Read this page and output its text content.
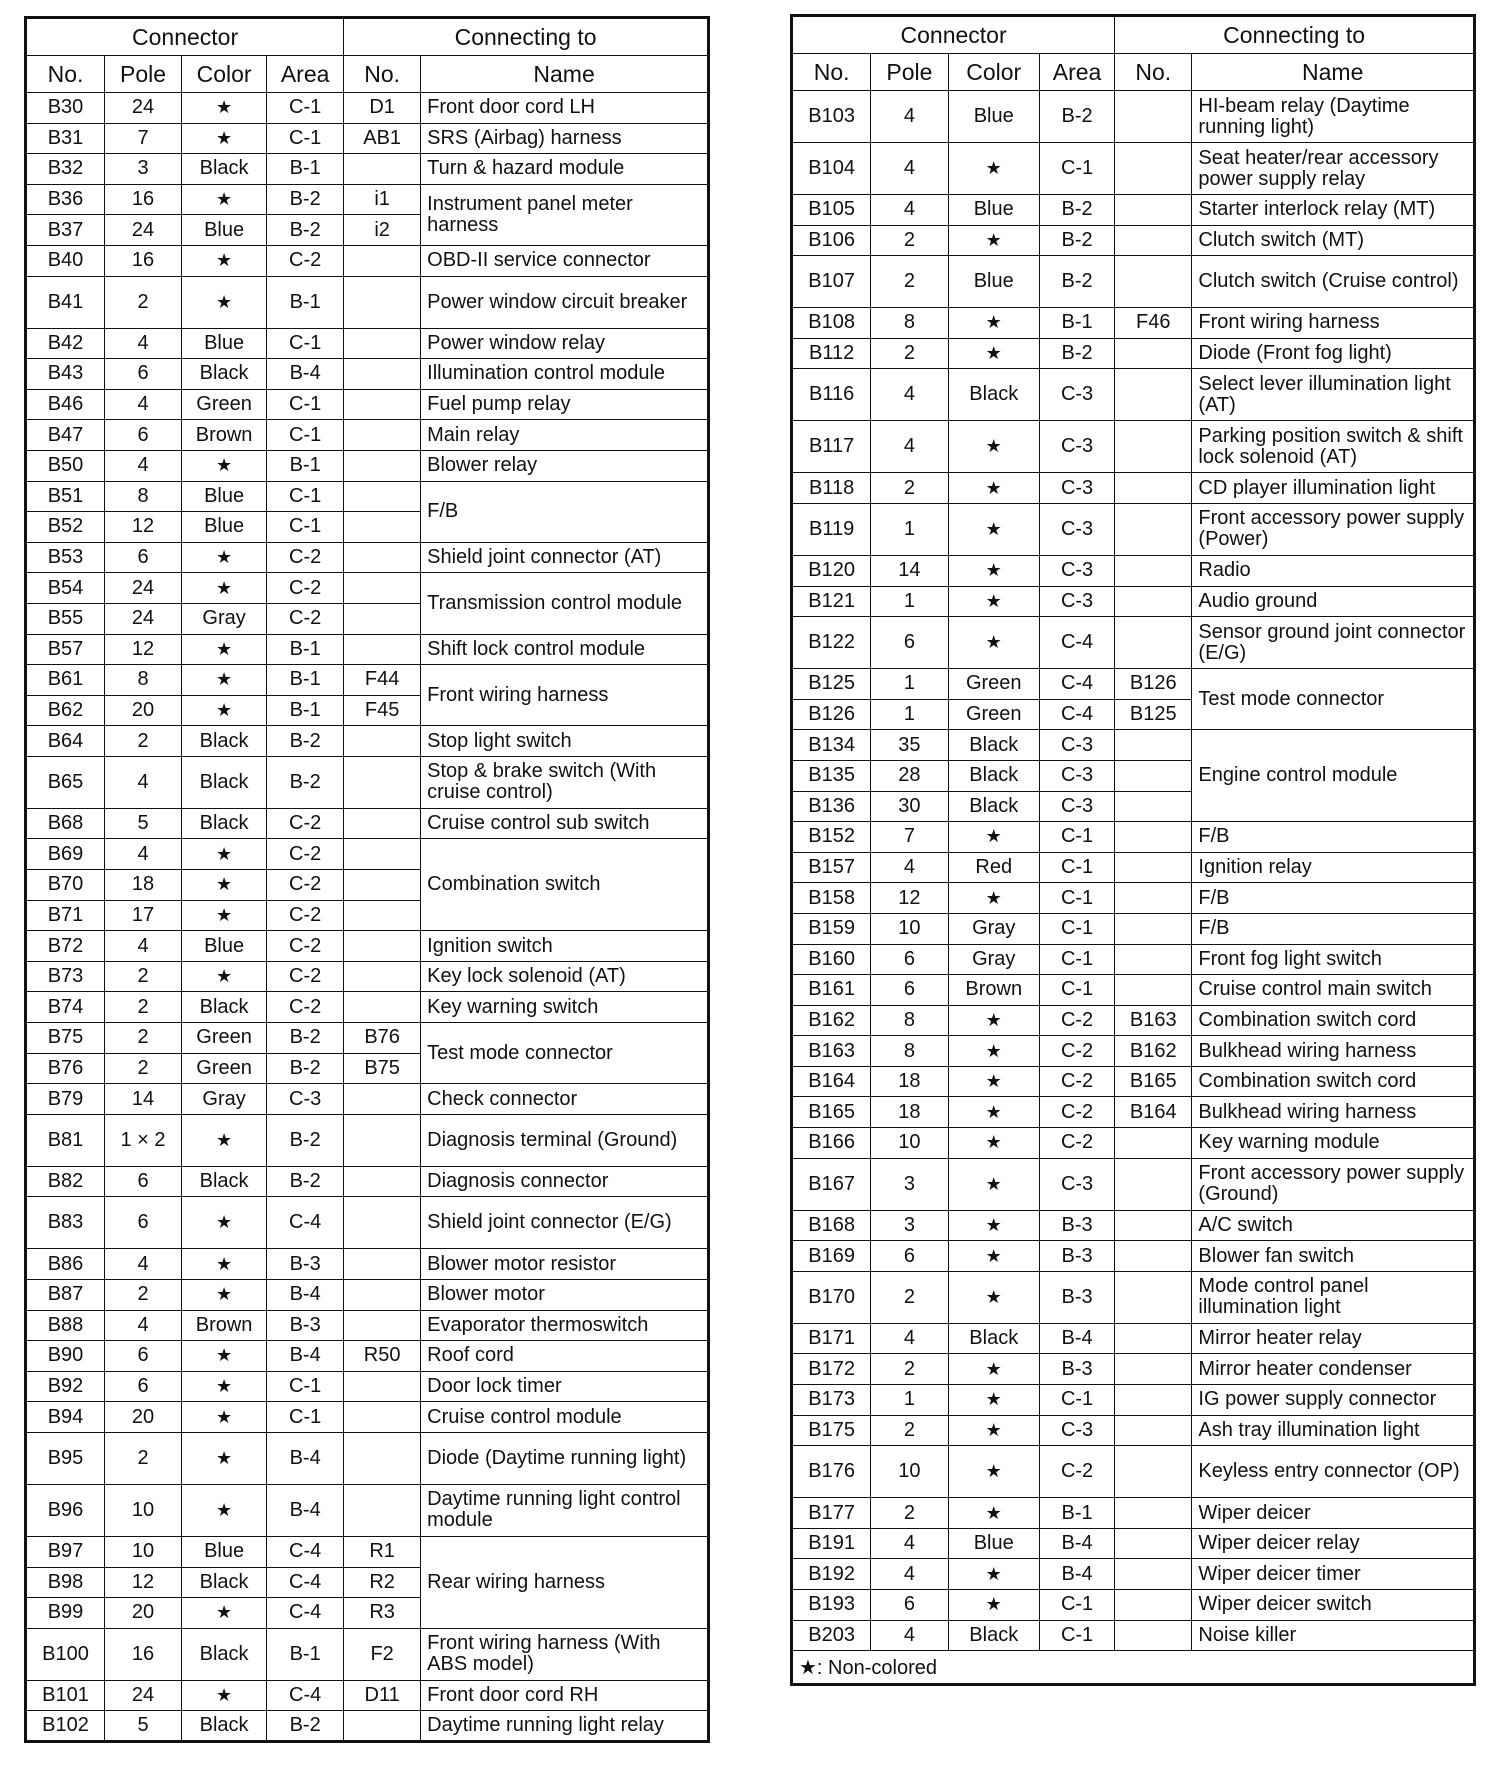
Connector				Connecting to	
No.	Pole	Color	Area	No.	Name
B30	24	★	C-1	D1	Front door cord LH
B31	7	★	C-1	AB1	SRS (Airbag) harness
B32	3	Black	B-1		Turn & hazard module
B36	16	★	B-2	i1	Instrument panel meter harness
B37	24	Blue	B-2	i2	
B40	16	★	C-2		OBD-II service connector
B41	2	★	B-1		Power window circuit breaker
B42	4	Blue	C-1		Power window relay
B43	6	Black	B-4		Illumination control module
B46	4	Green	C-1		Fuel pump relay
B47	6	Brown	C-1		Main relay
B50	4	★	B-1		Blower relay
B51	8	Blue	C-1		F/B
B52	12	Blue	C-1		
B53	6	★	C-2		Shield joint connector (AT)
B54	24	★	C-2		Transmission control module
B55	24	Gray	C-2		
B57	12	★	B-1		Shift lock control module
B61	8	★	B-1	F44	Front wiring harness
B62	20	★	B-1	F45	
B64	2	Black	B-2		Stop light switch
B65	4	Black	B-2		Stop & brake switch (With cruise control)
B68	5	Black	C-2		Cruise control sub switch
B69	4	★	C-2		Combination switch
B70	18	★	C-2		
B71	17	★	C-2		
B72	4	Blue	C-2		Ignition switch
B73	2	★	C-2		Key lock solenoid (AT)
B74	2	Black	C-2		Key warning switch
B75	2	Green	B-2	B76	Test mode connector
B76	2	Green	B-2	B75	
B79	14	Gray	C-3		Check connector
B81	1 × 2	★	B-2		Diagnosis terminal (Ground)
B82	6	Black	B-2		Diagnosis connector
B83	6	★	C-4		Shield joint connector (E/G)
B86	4	★	B-3		Blower motor resistor
B87	2	★	B-4		Blower motor
B88	4	Brown	B-3		Evaporator thermoswitch
B90	6	★	B-4	R50	Roof cord
B92	6	★	C-1		Door lock timer
B94	20	★	C-1		Cruise control module
B95	2	★	B-4		Diode (Daytime running light)
B96	10	★	B-4		Daytime running light control module
B97	10	Blue	C-4	R1	Rear wiring harness
B98	12	Black	C-4	R2	
B99	20	★	C-4	R3	
B100	16	Black	B-1	F2	Front wiring harness (With ABS model)
B101	24	★	C-4	D11	Front door cord RH
B102	5	Black	B-2		Daytime running light relay
Connector				Connecting to	
No.	Pole	Color	Area	No.	Name
B103	4	Blue	B-2		HI-beam relay (Daytime running light)
B104	4	★	C-1		Seat heater/rear accessory power supply relay
B105	4	Blue	B-2		Starter interlock relay (MT)
B106	2	★	B-2		Clutch switch (MT)
B107	2	Blue	B-2		Clutch switch (Cruise control)
B108	8	★	B-1	F46	Front wiring harness
B112	2	★	B-2		Diode (Front fog light)
B116	4	Black	C-3		Select lever illumination light (AT)
B117	4	★	C-3		Parking position switch & shift lock solenoid (AT)
B118	2	★	C-3		CD player illumination light
B119	1	★	C-3		Front accessory power supply (Power)
B120	14	★	C-3		Radio
B121	1	★	C-3		Audio ground
B122	6	★	C-4		Sensor ground joint connector (E/G)
B125	1	Green	C-4	B126	Test mode connector
B126	1	Green	C-4	B125	
B134	35	Black	C-3		Engine control module
B135	28	Black	C-3		
B136	30	Black	C-3		
B152	7	★	C-1		F/B
B157	4	Red	C-1		Ignition relay
B158	12	★	C-1		F/B
B159	10	Gray	C-1		F/B
B160	6	Gray	C-1		Front fog light switch
B161	6	Brown	C-1		Cruise control main switch
B162	8	★	C-2	B163	Combination switch cord
B163	8	★	C-2	B162	Bulkhead wiring harness
B164	18	★	C-2	B165	Combination switch cord
B165	18	★	C-2	B164	Bulkhead wiring harness
B166	10	★	C-2		Key warning module
B167	3	★	C-3		Front accessory power supply (Ground)
B168	3	★	B-3		A/C switch
B169	6	★	B-3		Blower fan switch
B170	2	★	B-3		Mode control panel illumination light
B171	4	Black	B-4		Mirror heater relay
B172	2	★	B-3		Mirror heater condenser
B173	1	★	C-1		IG power supply connector
B175	2	★	C-3		Ash tray illumination light
B176	10	★	C-2		Keyless entry connector (OP)
B177	2	★	B-1		Wiper deicer
B191	4	Blue	B-4		Wiper deicer relay
B192	4	★	B-4		Wiper deicer timer
B193	6	★	C-1		Wiper deicer switch
B203	4	Black	C-1		Noise killer
★: Non-colored					
